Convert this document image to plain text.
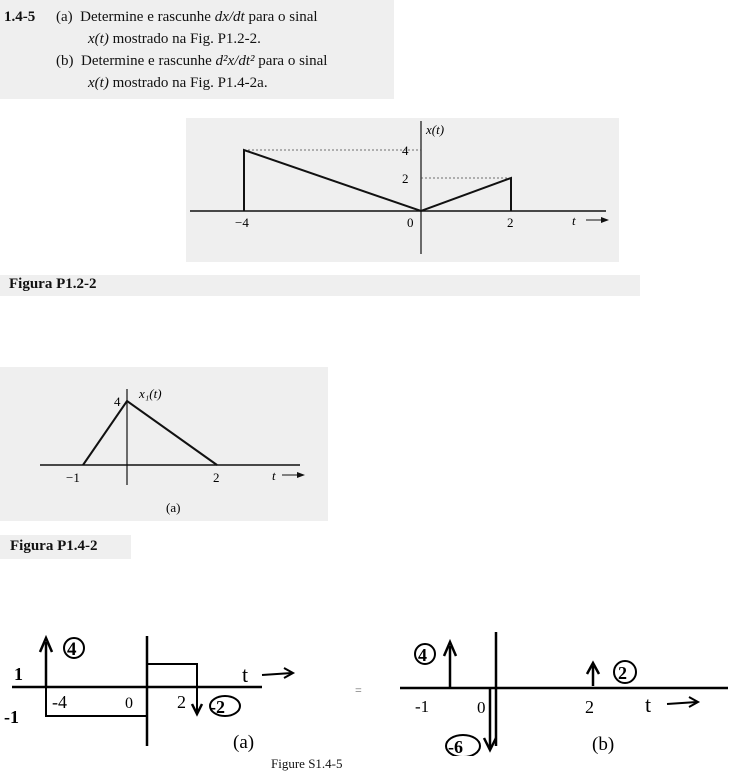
1.4-5 (a) Determine e rascunhe dx/dt para o sinal
x(t) mostrado na Fig. P1.2-2.
(b) Determine e rascunhe d²x/dt² para o sinal
x(t) mostrado na Fig. P1.4-2a.
x(t)
4
2
−4	0	2	t
Figura P1.2-2
x₁(t)
4
−1	2	t
(a)
Figura P1.4-2
4
-2
1
-1
-4	0 2
t
(a)
=
4
-6
2
-1	0	2 t
(b)
Figure S1.4-5
